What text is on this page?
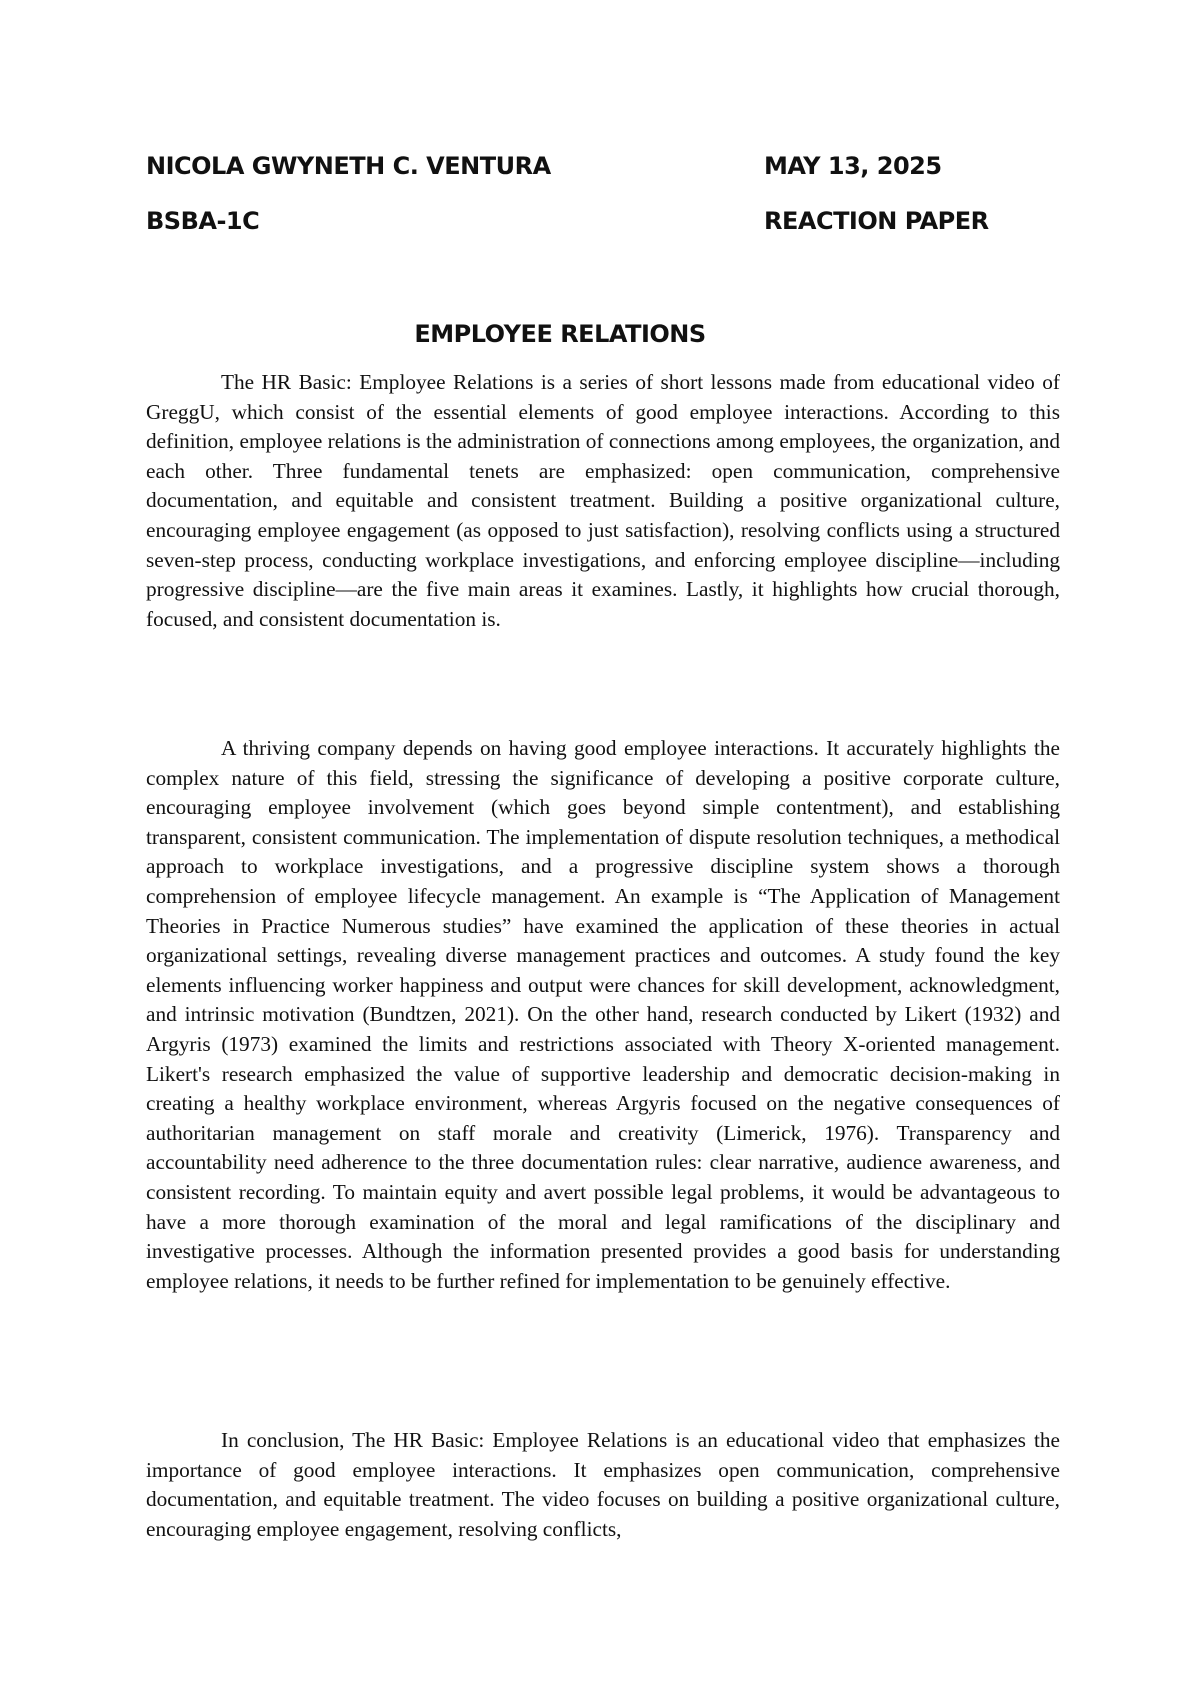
NICOLA GWYNETH C. VENTURA	MAY 13, 2025
BSBA-1C	REACTION PAPER
EMPLOYEE RELATIONS

The HR Basic: Employee Relations is a series of short lessons made from educational video of GreggU, which consist of the essential elements of good employee interactions. According to this definition, employee relations is the administration of connections among employees, the organization, and each other. Three fundamental tenets are emphasized: open communication, comprehensive documentation, and equitable and consistent treatment. Building a positive organizational culture, encouraging employee engagement (as opposed to just satisfaction), resolving conflicts using a structured seven-step process, conducting workplace investigations, and enforcing employee discipline—including progressive discipline—are the five main areas it examines. Lastly, it highlights how crucial thorough, focused, and consistent documentation is.

A thriving company depends on having good employee interactions. It accurately highlights the complex nature of this field, stressing the significance of developing a positive corporate culture, encouraging employee involvement (which goes beyond simple contentment), and establishing transparent, consistent communication. The implementation of dispute resolution techniques, a methodical approach to workplace investigations, and a progressive discipline system shows a thorough comprehension of employee lifecycle management. An example is “The Application of Management Theories in Practice Numerous studies” have examined the application of these theories in actual organizational settings, revealing diverse management practices and outcomes. A study found the key elements influencing worker happiness and output were chances for skill development, acknowledgment, and intrinsic motivation (Bundtzen, 2021). On the other hand, research conducted by Likert (1932) and Argyris (1973) examined the limits and restrictions associated with Theory X-oriented management. Likert's research emphasized the value of supportive leadership and democratic decision-making in creating a healthy workplace environment, whereas Argyris focused on the negative consequences of authoritarian management on staff morale and creativity (Limerick, 1976). Transparency and accountability need adherence to the three documentation rules: clear narrative, audience awareness, and consistent recording. To maintain equity and avert possible legal problems, it would be advantageous to have a more thorough examination of the moral and legal ramifications of the disciplinary and investigative processes. Although the information presented provides a good basis for understanding employee relations, it needs to be further refined for implementation to be genuinely effective.

In conclusion, The HR Basic: Employee Relations is an educational video that emphasizes the importance of good employee interactions. It emphasizes open communication, comprehensive documentation, and equitable treatment. The video focuses on building a positive organizational culture, encouraging employee engagement, resolving conflicts,
